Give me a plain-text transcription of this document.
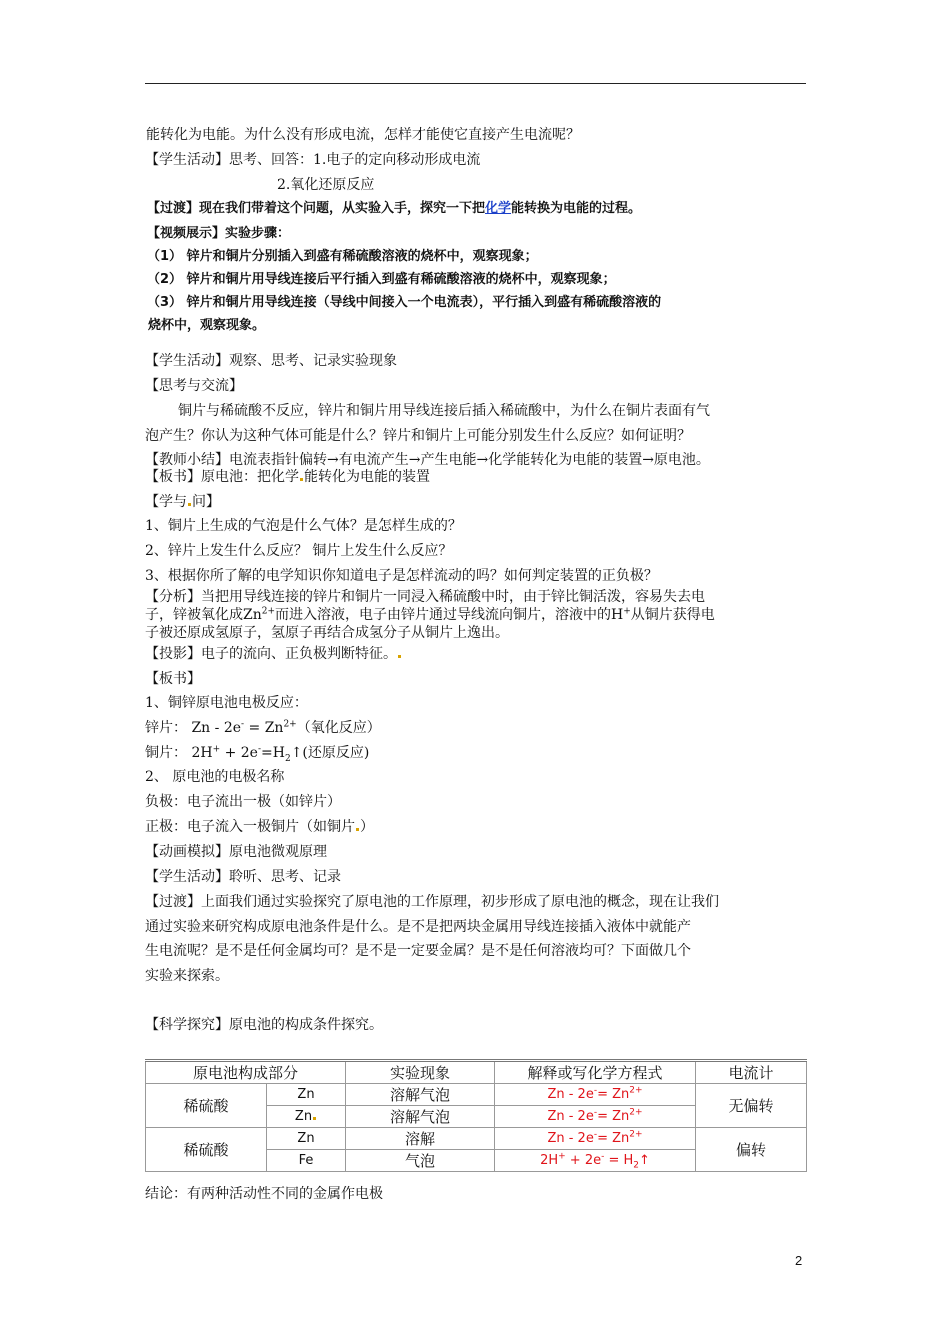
能转化为电能。为什么没有形成电流，怎样才能使它直接产生电流呢？
【学生活动】思考、回答：1.电子的定向移动形成电流
2.氧化还原反应
【过渡】现在我们带着这个问题，从实验入手，探究一下把化学能转换为电能的过程。
【视频展示】实验步骤：
（1） 锌片和铜片分别插入到盛有稀硫酸溶液的烧杯中，观察现象；
（2） 锌片和铜片用导线连接后平行插入到盛有稀硫酸溶液的烧杯中，观察现象；
（3） 锌片和铜片用导线连接（导线中间接入一个电流表），平行插入到盛有稀硫酸溶液的
烧杯中，观察现象。
【学生活动】观察、思考、记录实验现象
【思考与交流】
铜片与稀硫酸不反应，锌片和铜片用导线连接后插入稀硫酸中，为什么在铜片表面有气
泡产生？你认为这种气体可能是什么？锌片和铜片上可能分别发生什么反应？如何证明？
【教师小结】电流表指针偏转→有电流产生→产生电能→化学能转化为电能的装置→原电池。
【板书】原电池：把化学 能转化为电能的装置
【学与 问】
1、铜片上生成的气泡是什么气体？是怎样生成的？
2、锌片上发生什么反应？ 铜片上发生什么反应？
3、根据你所了解的电学知识你知道电子是怎样流动的吗？如何判定装置的正负极？
【分析】当把用导线连接的锌片和铜片一同浸入稀硫酸中时，由于锌比铜活泼，容易失去电
子，锌被氧化成$Zn^{2+}$而进入溶液，电子由锌片通过导线流向铜片，溶液中的H+从铜片获得电
子被还原成氢原子，氢原子再结合成氢分子从铜片上逸出。
【投影】电子的流向、正负极判断特征。
【板书】
1、铜锌原电池电极反应：
锌片： $Zn - 2e^- = Zn^{2+}$（氧化反应）
铜片： $2H^+ + 2e^-=H_2↑$(还原反应)
2、 原电池的电极名称
负极：电子流出一极（如锌片）
正极：电子流入一极铜片（如铜片 ）
【动画模拟】原电池微观原理
【学生活动】聆听、思考、记录
【过渡】上面我们通过实验探究了原电池的工作原理，初步形成了原电池的概念，现在让我们
通过实验来研究构成原电池条件是什么。是不是把两块金属用导线连接插入液体中就能产
生电流呢？是不是任何金属均可？是不是一定要金属？是不是任何溶液均可？下面做几个
实验来探索。
【科学探究】原电池的构成条件探究。
原电池构成部分		实验现象	解释或写化学方程式	电流计
稀硫酸	Zn	溶解气泡	$Zn - 2e^-= Zn^{2+}$	无偏转
	Zn	溶解气泡	$Zn - 2e^-= Zn^{2+}$
稀硫酸	Zn	溶解	$Zn - 2e^-= Zn^{2+}$	偏转
	Fe	气泡	$2H^+ + 2e^- = H_2↑$	
结论：有两种活动性不同的金属作电极
2
